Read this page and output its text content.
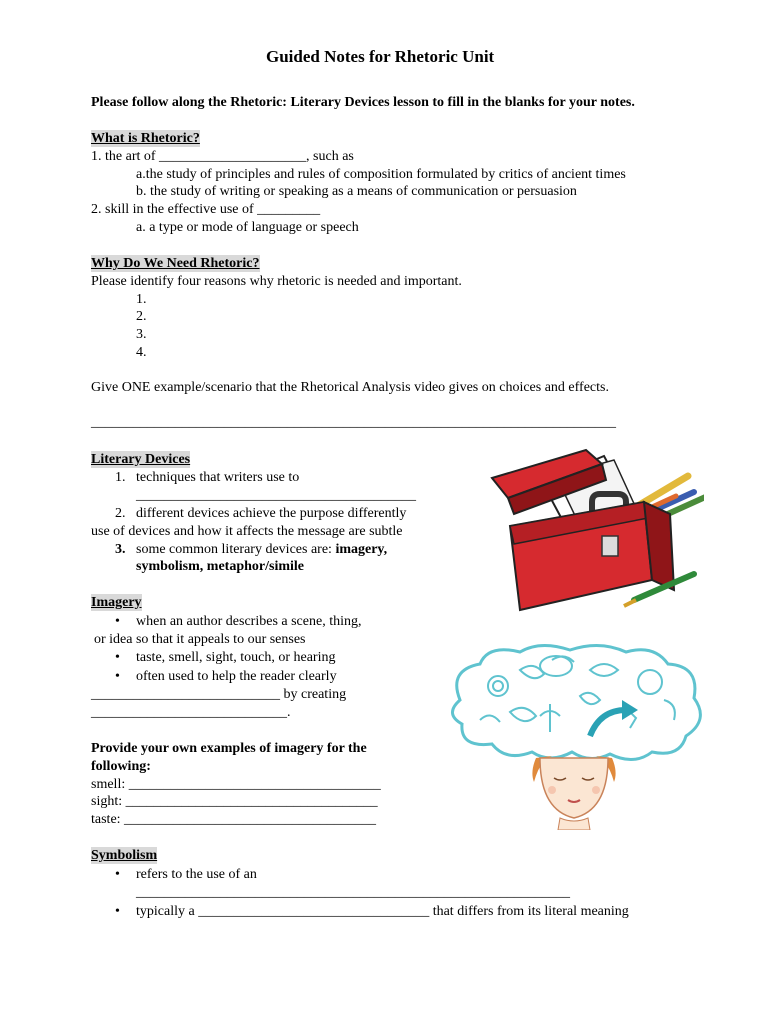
Guided Notes for Rhetoric Unit
Please follow along the Rhetoric: Literary Devices lesson to fill in the blanks for your notes.
What is Rhetoric?
1. the art of _____________________, such as
a.the study of principles and rules of composition formulated by critics of ancient times
b. the study of writing or speaking as a means of communication or persuasion
2. skill in the effective use of _________
a. a type or mode of language or speech
Why Do We Need Rhetoric?
Please identify four reasons why rhetoric is needed and important.
1.
2.
3.
4.
Give ONE example/scenario that the Rhetorical Analysis video gives on choices and effects.
___________________________________________________________________________
Literary Devices
1. techniques that writers use to
________________________________________
2. different devices achieve the purpose differently
use of devices and how it affects the message are subtle
3. some common literary devices are: imagery,
symbolism, metaphor/simile
Imagery
• when an author describes a scene, thing,
or idea so that it appeals to our senses
• taste, smell, sight, touch, or hearing
• often used to help the reader clearly
___________________________ by creating
____________________________.
Provide your own examples of imagery for the
following:
smell: ____________________________________
sight: ____________________________________
taste: ____________________________________
Symbolism
• refers to the use of an
______________________________________________________________
• typically a _________________________________ that differs from its literal meaning
